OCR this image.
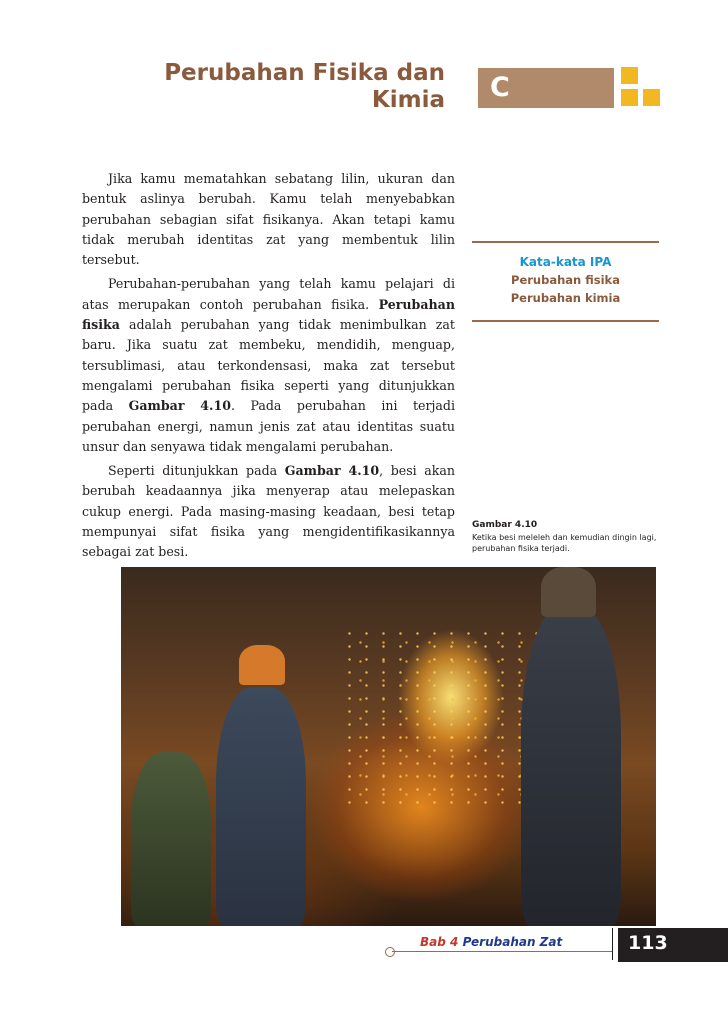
Perubahan Fisika dan
Kimia C

Jika kamu mematahkan sebatang lilin, ukuran dan bentuk aslinya berubah. Kamu telah menyebabkan perubahan sebagian sifat fisikanya. Akan tetapi kamu tidak merubah identitas zat yang membentuk lilin tersebut.

Perubahan-perubahan yang telah kamu pelajari di atas merupakan contoh perubahan fisika. Perubahan fisika adalah perubahan yang tidak menimbulkan zat baru. Jika suatu zat membeku, mendidih, menguap, tersublimasi, atau terkondensasi, maka zat tersebut mengalami perubahan fisika seperti yang ditunjukkan pada Gambar 4.10. Pada perubahan ini terjadi perubahan energi, namun jenis zat atau identitas suatu unsur dan senyawa tidak mengalami perubahan.

Seperti ditunjukkan pada Gambar 4.10, besi akan berubah keadaannya jika menyerap atau melepaskan cukup energi. Pada masing-masing keadaan, besi tetap mempunyai sifat fisika yang mengidentifikasikannya sebagai zat besi.

Kata-kata IPA
Perubahan fisika
Perubahan kimia
Gambar 4.10
Ketika besi meleleh dan kemudian dingin lagi, perubahan fisika terjadi.
Bab 4 Perubahan Zat	113
